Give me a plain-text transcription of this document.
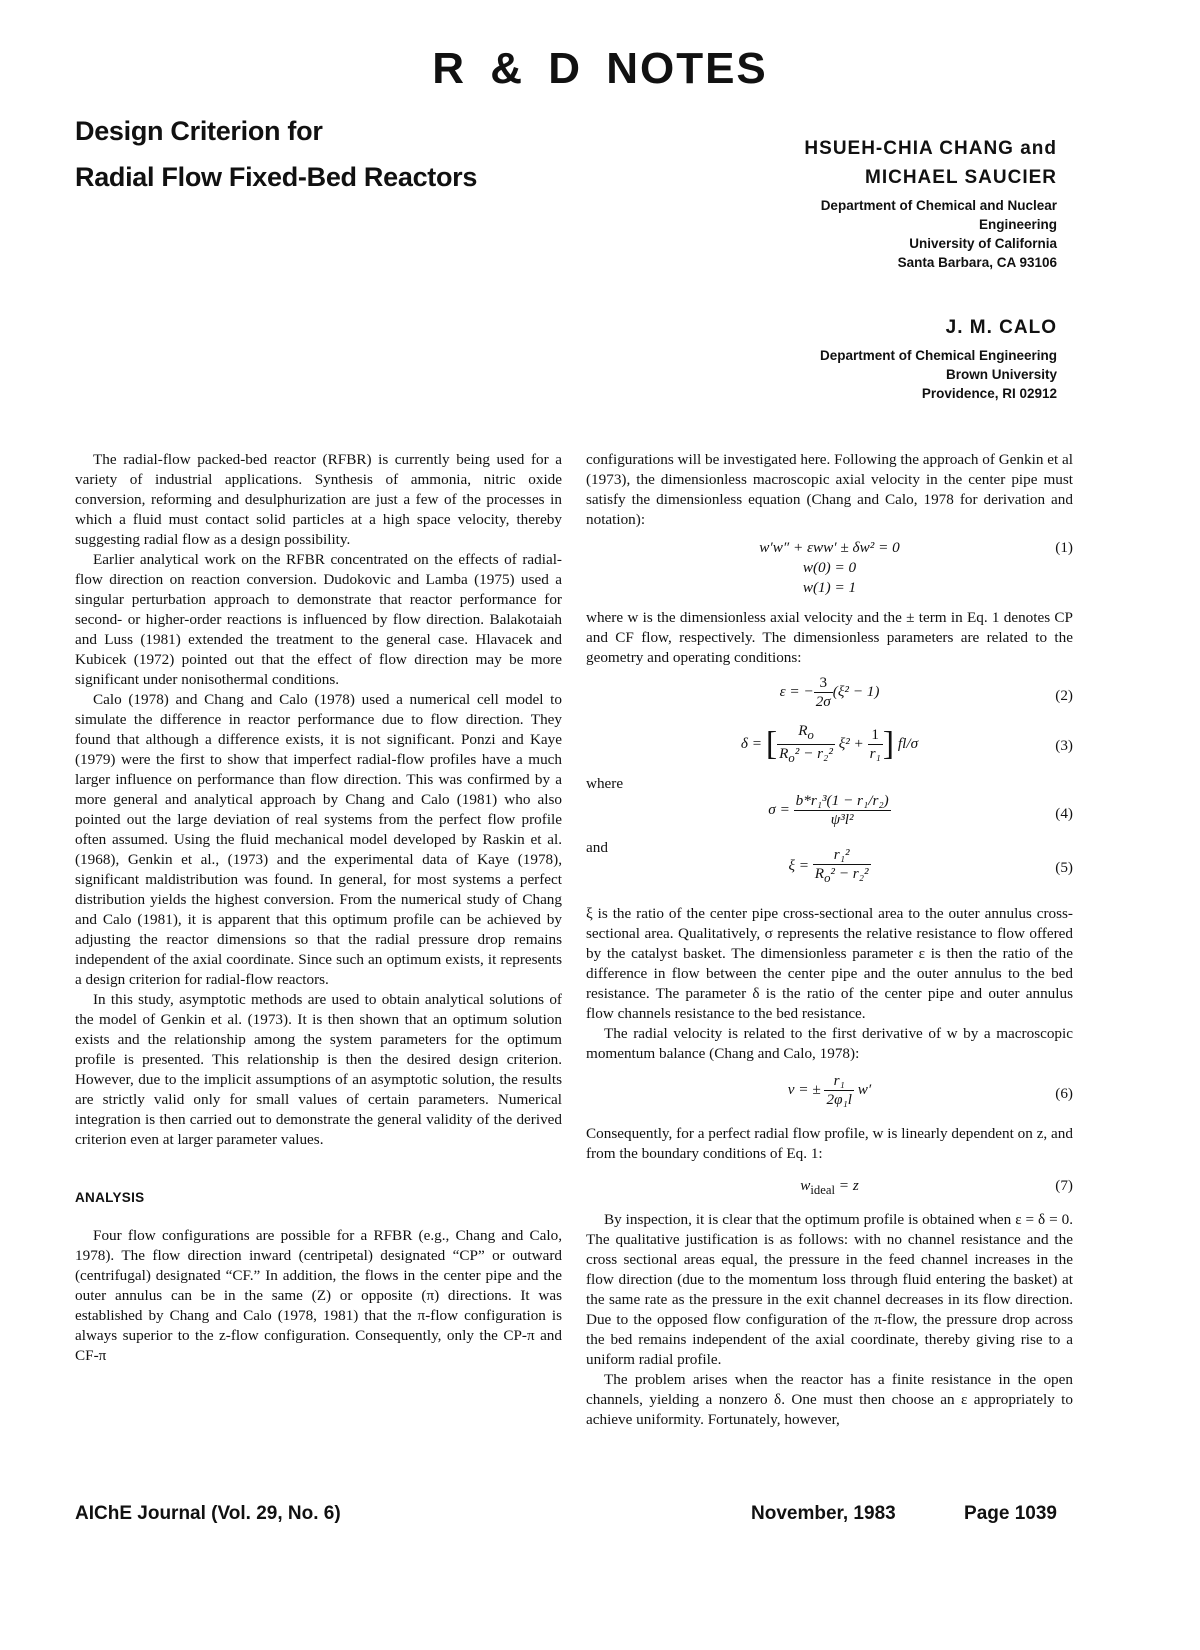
R & D NOTES
Design Criterion for
Radial Flow Fixed-Bed Reactors
HSUEH-CHIA CHANG and
MICHAEL SAUCIER
Department of Chemical and Nuclear
Engineering
University of California
Santa Barbara, CA 93106
J. M. CALO
Department of Chemical Engineering
Brown University
Providence, RI 02912

The radial-flow packed-bed reactor (RFBR) is currently being used for a variety of industrial applications. Synthesis of ammonia, nitric oxide conversion, reforming and desulphurization are just a few of the processes in which a fluid must contact solid particles at a high space velocity, thereby suggesting radial flow as a design possibility.

Earlier analytical work on the RFBR concentrated on the effects of radial-flow direction on reaction conversion. Dudokovic and Lamba (1975) used a singular perturbation approach to demonstrate that reactor performance for second- or higher-order reactions is influenced by flow direction. Balakotaiah and Luss (1981) extended the treatment to the general case. Hlavacek and Kubicek (1972) pointed out that the effect of flow direction may be more significant under nonisothermal conditions.

Calo (1978) and Chang and Calo (1978) used a numerical cell model to simulate the difference in reactor performance due to flow direction. They found that although a difference exists, it is not significant. Ponzi and Kaye (1979) were the first to show that imperfect radial-flow profiles have a much larger influence on performance than flow direction. This was confirmed by a more general and analytical approach by Chang and Calo (1981) who also pointed out the large deviation of real systems from the perfect flow profile often assumed. Using the fluid mechanical model developed by Raskin et al. (1968), Genkin et al., (1973) and the experimental data of Kaye (1978), significant maldistribution was found. In general, for most systems a perfect distribution yields the highest conversion. From the numerical study of Chang and Calo (1981), it is apparent that this optimum profile can be achieved by adjusting the reactor dimensions so that the radial pressure drop remains independent of the axial coordinate. Since such an optimum exists, it represents a design criterion for radial-flow reactors.

In this study, asymptotic methods are used to obtain analytical solutions of the model of Genkin et al. (1973). It is then shown that an optimum solution exists and the relationship among the system parameters for the optimum profile is presented. This relationship is then the desired design criterion. However, due to the implicit assumptions of an asymptotic solution, the results are strictly valid only for small values of certain parameters. Numerical integration is then carried out to demonstrate the general validity of the derived criterion even at larger parameter values.

ANALYSIS

Four flow configurations are possible for a RFBR (e.g., Chang and Calo, 1978). The flow direction inward (centripetal) designated “CP” or outward (centrifugal) designated “CF.” In addition, the flows in the center pipe and the outer annulus can be in the same (Z) or opposite (π) directions. It was established by Chang and Calo (1978, 1981) that the π-flow configuration is always superior to the z-flow configuration. Consequently, only the CP-π and CF-π

configurations will be investigated here. Following the approach of Genkin et al (1973), the dimensionless macroscopic axial velocity in the center pipe must satisfy the dimensionless equation (Chang and Calo, 1978 for derivation and notation):

w′w″ + εww′ ± δw² = 0	(1)
w(0) = 0
w(1) = 1

where w is the dimensionless axial velocity and the ± term in Eq. 1 denotes CP and CF flow, respectively. The dimensionless parameters are related to the geometry and operating conditions:

ε = − $\frac{3}{2\sigma} (\xi^2 - 1)$	(2)
δ = [ $\frac{R_o}{R_o^2 - r_2^2} \xi^2 + \frac{1}{\text{r₁}}$ ] fl/σ	(3)
where
$\sigma = \frac{\text{b*r₁³(1 − r₁/r₂)}}{\text{ψ³l²}}$	(4)
and
$\xi = \frac{\text{r₁²}}{R_o^2 - r_2^2}$	(5)

ξ is the ratio of the center pipe cross-sectional area to the outer annulus cross-sectional area. Qualitatively, σ represents the relative resistance to flow offered by the catalyst basket. The dimensionless parameter ε is then the ratio of the difference in flow between the center pipe and the outer annulus to the bed resistance. The parameter δ is the ratio of the center pipe and outer annulus flow channels resistance to the bed resistance.

The radial velocity is related to the first derivative of w by a macroscopic momentum balance (Chang and Calo, 1978):

v = ± $\frac{\text{r₁}}{\text{2φ₁l}} w'$	(6)

Consequently, for a perfect radial flow profile, w is linearly dependent on z, and from the boundary conditions of Eq. 1:

$w_{ideal} = z$	(7)

By inspection, it is clear that the optimum profile is obtained when ε = δ = 0. The qualitative justification is as follows: with no channel resistance and the cross sectional areas equal, the pressure in the feed channel increases in the flow direction (due to the momentum loss through fluid entering the basket) at the same rate as the pressure in the exit channel decreases in its flow direction. Due to the opposed flow configuration of the π-flow, the pressure drop across the bed remains independent of the axial coordinate, thereby giving rise to a uniform radial profile.

The problem arises when the reactor has a finite resistance in the open channels, yielding a nonzero δ. One must then choose an ε appropriately to achieve uniformity. Fortunately, however,

AIChE Journal (Vol. 29, No. 6)	November, 1983	Page 1039
